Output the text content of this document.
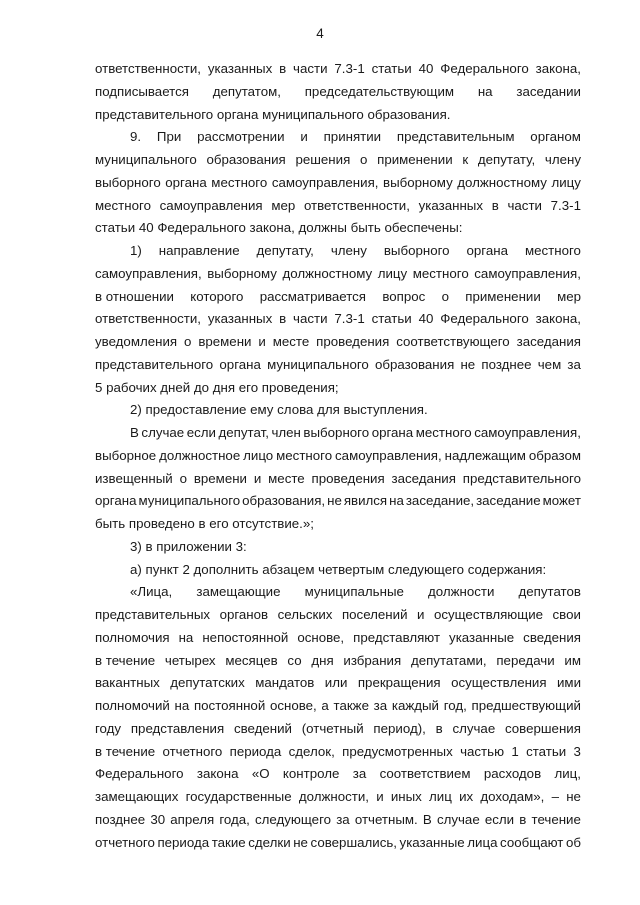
4
ответственности, указанных в части 7.3-1 статьи 40 Федерального закона,
подписывается депутатом, председательствующим на заседании
представительного органа муниципального образования.
9. При рассмотрении и принятии представительным органом
муниципального образования решения о применении к депутату, члену
выборного органа местного самоуправления, выборному должностному лицу
местного самоуправления мер ответственности, указанных в части 7.3-1
статьи 40 Федерального закона, должны быть обеспечены:
1) направление депутату, члену выборного органа местного
самоуправления, выборному должностному лицу местного самоуправления,
в отношении которого рассматривается вопрос о применении мер
ответственности, указанных в части 7.3-1 статьи 40 Федерального закона,
уведомления о времени и месте проведения соответствующего заседания
представительного органа муниципального образования не позднее чем за
5 рабочих дней до дня его проведения;
2) предоставление ему слова для выступления.
В случае если депутат, член выборного органа местного самоуправления,
выборное должностное лицо местного самоуправления, надлежащим образом
извещенный о времени и месте проведения заседания представительного
органа муниципального образования, не явился на заседание, заседание может
быть проведено в его отсутствие.»;
3) в приложении 3:
а) пункт 2 дополнить абзацем четвертым следующего содержания:
«Лица, замещающие муниципальные должности депутатов
представительных органов сельских поселений и осуществляющие свои
полномочия на непостоянной основе, представляют указанные сведения
в течение четырех месяцев со дня избрания депутатами, передачи им
вакантных депутатских мандатов или прекращения осуществления ими
полномочий на постоянной основе, а также за каждый год, предшествующий
году представления сведений (отчетный период), в случае совершения
в течение отчетного периода сделок, предусмотренных частью 1 статьи 3
Федерального закона «О контроле за соответствием расходов лиц,
замещающих государственные должности, и иных лиц их доходам», – не
позднее 30 апреля года, следующего за отчетным. В случае если в течение
отчетного периода такие сделки не совершались, указанные лица сообщают об
